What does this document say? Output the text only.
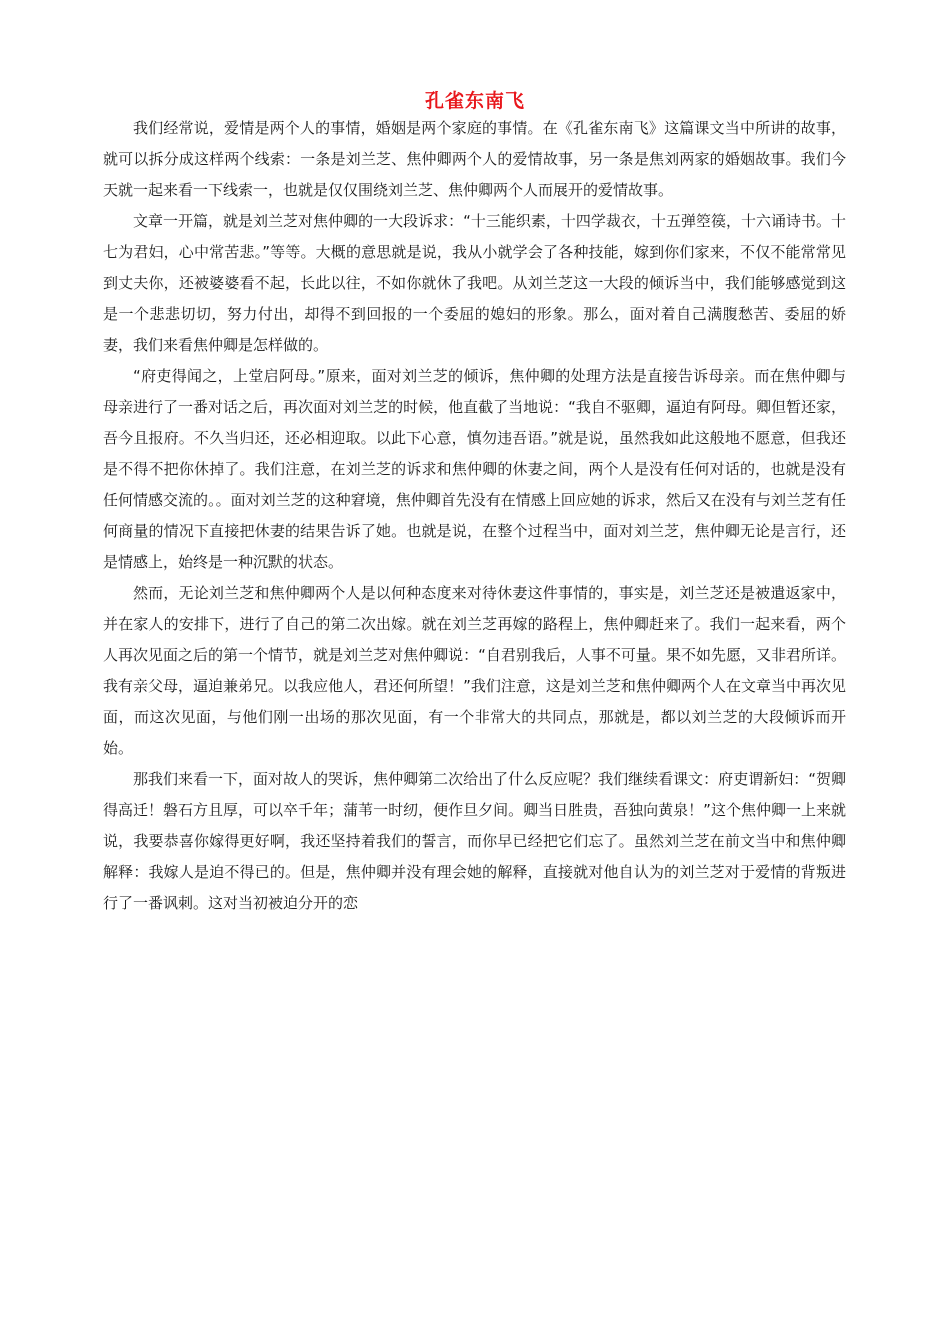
孔雀东南飞

我们经常说，爱情是两个人的事情，婚姻是两个家庭的事情。在《孔雀东南飞》这篇课文当中所讲的故事，就可以拆分成这样两个线索：一条是刘兰芝、焦仲卿两个人的爱情故事，另一条是焦刘两家的婚姻故事。我们今天就一起来看一下线索一，也就是仅仅围绕刘兰芝、焦仲卿两个人而展开的爱情故事。

文章一开篇，就是刘兰芝对焦仲卿的一大段诉求：“十三能织素，十四学裁衣，十五弹箜篌，十六诵诗书。十七为君妇，心中常苦悲。”等等。大概的意思就是说，我从小就学会了各种技能，嫁到你们家来，不仅不能常常见到丈夫你，还被婆婆看不起，长此以往，不如你就休了我吧。从刘兰芝这一大段的倾诉当中，我们能够感觉到这是一个悲悲切切，努力付出，却得不到回报的一个委屈的媳妇的形象。那么，面对着自己满腹愁苦、委屈的娇妻，我们来看焦仲卿是怎样做的。

“府吏得闻之，上堂启阿母。”原来，面对刘兰芝的倾诉，焦仲卿的处理方法是直接告诉母亲。而在焦仲卿与母亲进行了一番对话之后，再次面对刘兰芝的时候，他直截了当地说：“我自不驱卿，逼迫有阿母。卿但暂还家，吾今且报府。不久当归还，还必相迎取。以此下心意，慎勿违吾语。”就是说，虽然我如此这般地不愿意，但我还是不得不把你休掉了。我们注意，在刘兰芝的诉求和焦仲卿的休妻之间，两个人是没有任何对话的，也就是没有任何情感交流的。。面对刘兰芝的这种窘境，焦仲卿首先没有在情感上回应她的诉求，然后又在没有与刘兰芝有任何商量的情况下直接把休妻的结果告诉了她。也就是说，在整个过程当中，面对刘兰芝，焦仲卿无论是言行，还是情感上，始终是一种沉默的状态。

然而，无论刘兰芝和焦仲卿两个人是以何种态度来对待休妻这件事情的，事实是，刘兰芝还是被遣返家中，并在家人的安排下，进行了自己的第二次出嫁。就在刘兰芝再嫁的路程上，焦仲卿赶来了。我们一起来看，两个人再次见面之后的第一个情节，就是刘兰芝对焦仲卿说：“自君别我后，人事不可量。果不如先愿，又非君所详。我有亲父母，逼迫兼弟兄。以我应他人，君还何所望！”我们注意，这是刘兰芝和焦仲卿两个人在文章当中再次见面，而这次见面，与他们刚一出场的那次见面，有一个非常大的共同点，那就是，都以刘兰芝的大段倾诉而开始。

那我们来看一下，面对故人的哭诉，焦仲卿第二次给出了什么反应呢？我们继续看课文：府吏谓新妇：“贺卿得高迁！磐石方且厚，可以卒千年；蒲苇一时纫，便作旦夕间。卿当日胜贵，吾独向黄泉！”这个焦仲卿一上来就说，我要恭喜你嫁得更好啊，我还坚持着我们的誓言，而你早已经把它们忘了。虽然刘兰芝在前文当中和焦仲卿解释：我嫁人是迫不得已的。但是，焦仲卿并没有理会她的解释，直接就对他自认为的刘兰芝对于爱情的背叛进行了一番讽刺。这对当初被迫分开的恋
